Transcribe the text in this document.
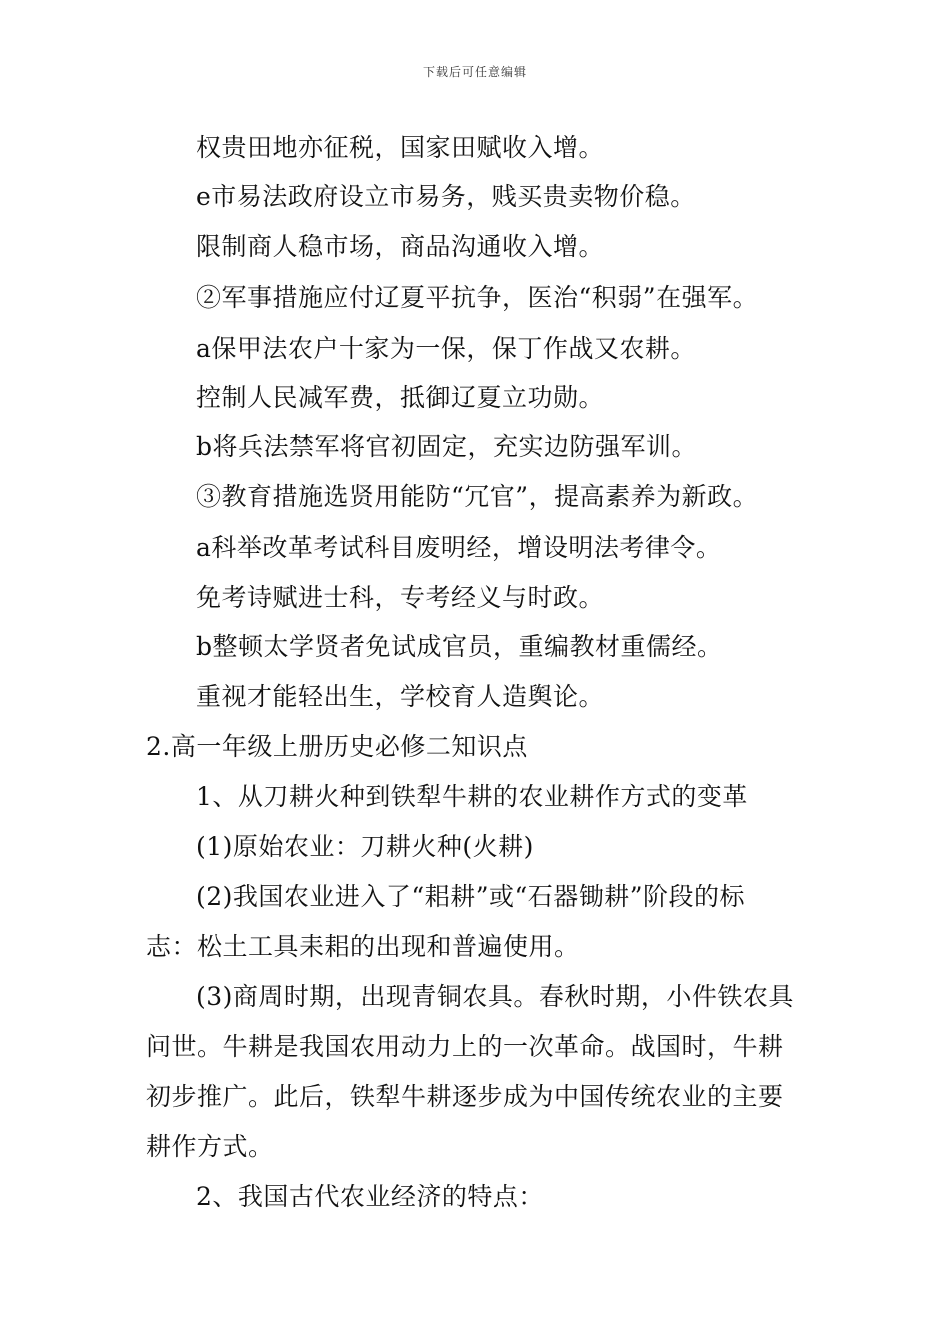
下载后可任意编辑
权贵田地亦征税，国家田赋收入增。
e市易法政府设立市易务，贱买贵卖物价稳。
限制商人稳市场，商品沟通收入增。
②军事措施应付辽夏平抗争，医治“积弱”在强军。
a保甲法农户十家为一保，保丁作战又农耕。
控制人民减军费，抵御辽夏立功勋。
b将兵法禁军将官初固定，充实边防强军训。
③教育措施选贤用能防“冗官”，提高素养为新政。
a科举改革考试科目废明经，增设明法考律令。
免考诗赋进士科，专考经义与时政。
b整顿太学贤者免试成官员，重编教材重儒经。
重视才能轻出生，学校育人造舆论。
2.高一年级上册历史必修二知识点
1、从刀耕火种到铁犁牛耕的农业耕作方式的变革
(1)原始农业：刀耕火种(火耕)
(2)我国农业进入了“耜耕”或“石器锄耕”阶段的标
志：松土工具耒耜的出现和普遍使用。
(3)商周时期，出现青铜农具。春秋时期，小件铁农具
问世。牛耕是我国农用动力上的一次革命。战国时，牛耕
初步推广。此后，铁犁牛耕逐步成为中国传统农业的主要
耕作方式。
2、我国古代农业经济的特点：
